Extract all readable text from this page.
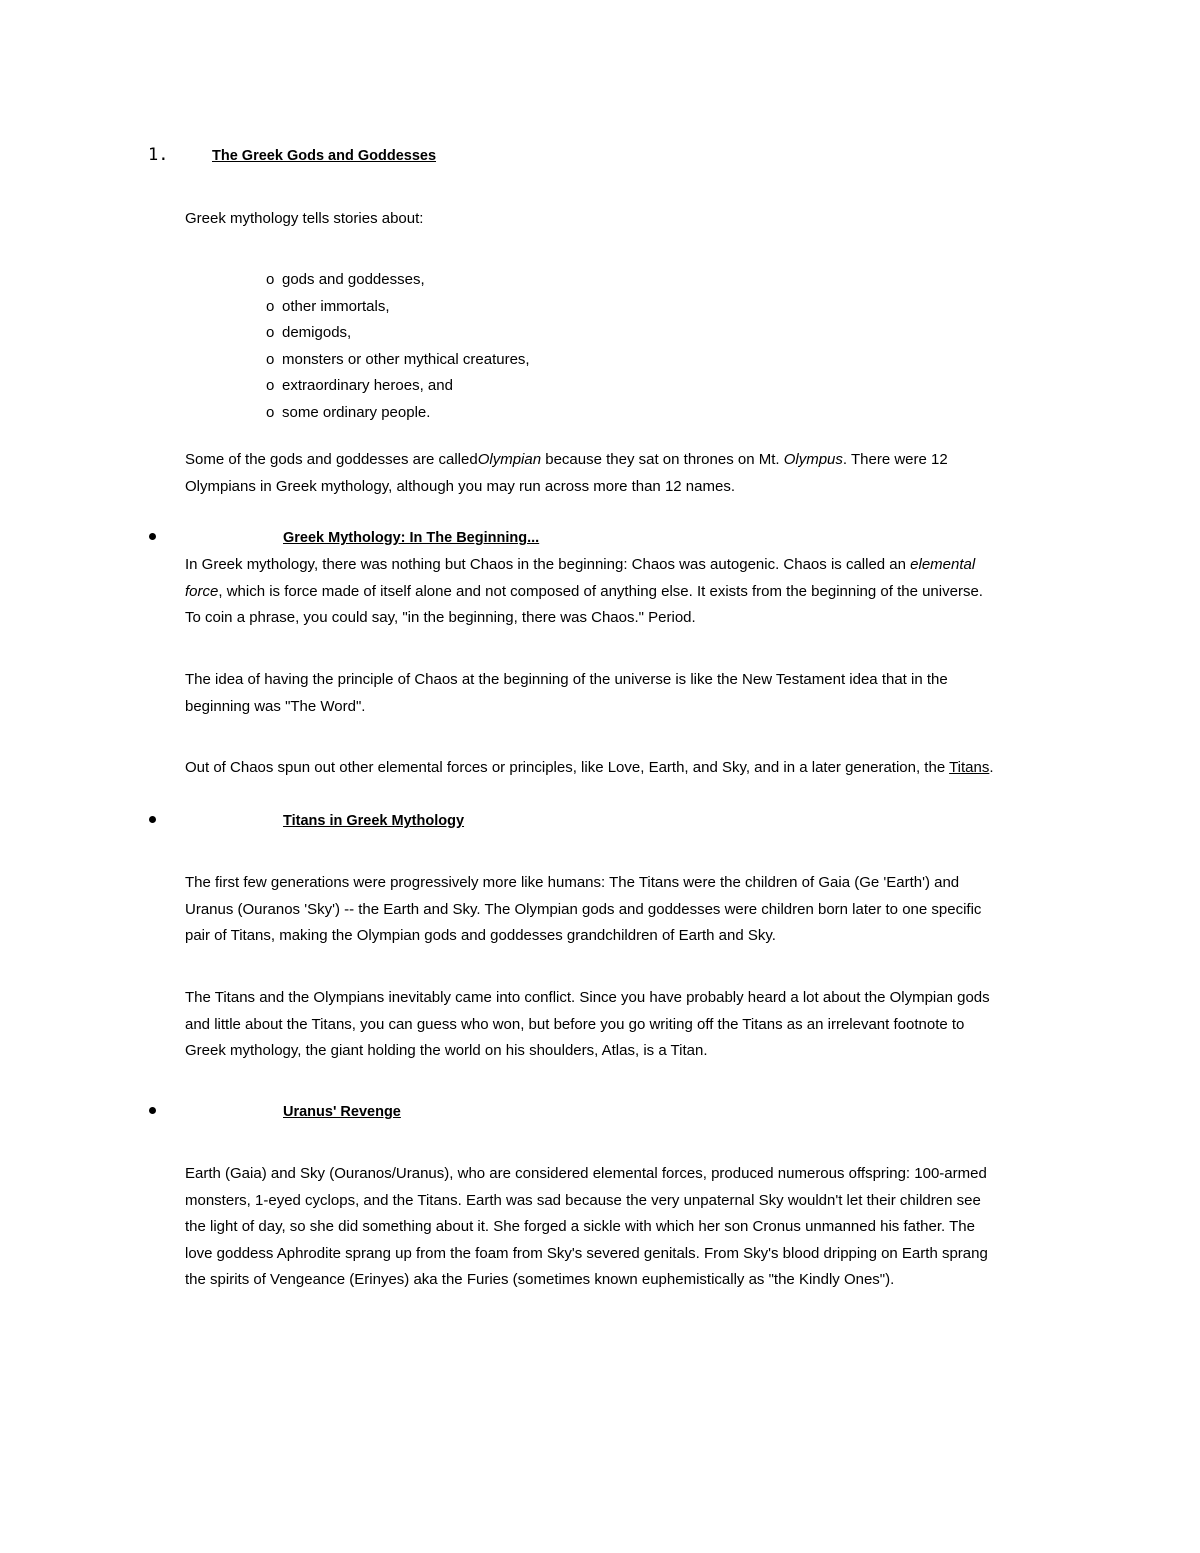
1.	The Greek Gods and Goddesses
Greek mythology tells stories about:
o gods and goddesses,
o other immortals,
o demigods,
o monsters or other mythical creatures,
o extraordinary heroes, and
o some ordinary people.
Some of the gods and goddesses are calledOlympian because they sat on thrones on Mt. Olympus. There were 12
Olympians in Greek mythology, although you may run across more than 12 names.
Greek Mythology: In The Beginning...
In Greek mythology, there was nothing but Chaos in the beginning: Chaos was autogenic. Chaos is called an elemental
force, which is force made of itself alone and not composed of anything else. It exists from the beginning of the universe.
To coin a phrase, you could say, "in the beginning, there was Chaos." Period.
The idea of having the principle of Chaos at the beginning of the universe is like the New Testament idea that in the
beginning was "The Word".
Out of Chaos spun out other elemental forces or principles, like Love, Earth, and Sky, and in a later generation, the Titans.
Titans in Greek Mythology
The first few generations were progressively more like humans: The Titans were the children of Gaia (Ge 'Earth') and
Uranus (Ouranos 'Sky') -- the Earth and Sky. The Olympian gods and goddesses were children born later to one specific
pair of Titans, making the Olympian gods and goddesses grandchildren of Earth and Sky.
The Titans and the Olympians inevitably came into conflict. Since you have probably heard a lot about the Olympian gods
and little about the Titans, you can guess who won, but before you go writing off the Titans as an irrelevant footnote to
Greek mythology, the giant holding the world on his shoulders, Atlas, is a Titan.
Uranus' Revenge
Earth (Gaia) and Sky (Ouranos/Uranus), who are considered elemental forces, produced numerous offspring: 100-armed
monsters, 1-eyed cyclops, and the Titans. Earth was sad because the very unpaternal Sky wouldn't let their children see
the light of day, so she did something about it. She forged a sickle with which her son Cronus unmanned his father. The
love goddess Aphrodite sprang up from the foam from Sky's severed genitals. From Sky's blood dripping on Earth sprang
the spirits of Vengeance (Erinyes) aka the Furies (sometimes known euphemistically as "the Kindly Ones").
